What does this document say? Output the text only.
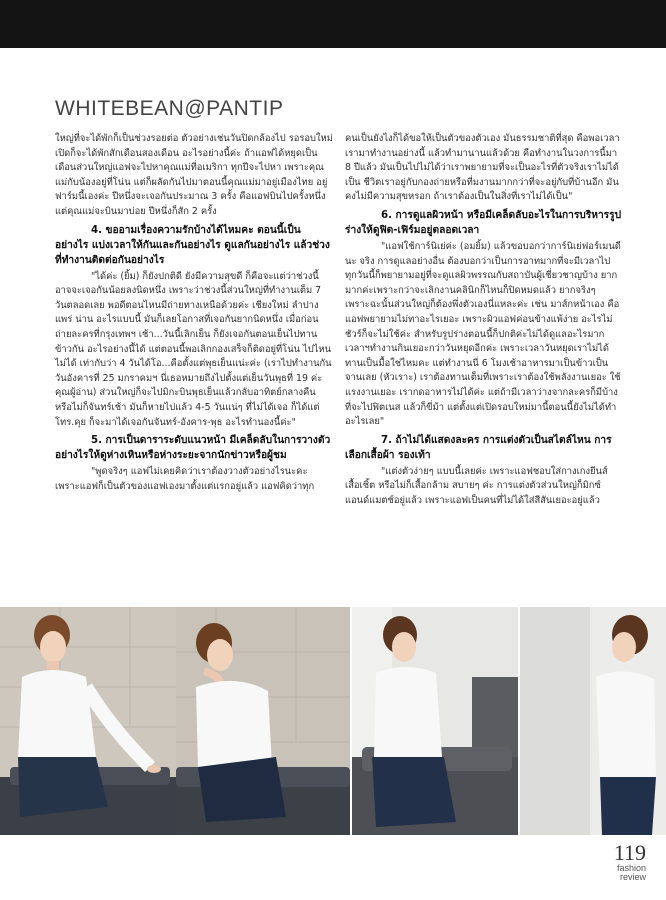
WHITEBEAN@PANTIP

ใหญ่ที่จะได้พักก็เป็นช่วงรอยต่อ ตัวอย่างเช่นวันปิดกล้องไป รอรอบใหม่เปิดก็จะได้พักสักเดือนสองเดือน อะไรอย่างนี้ค่ะ ถ้าแอฟได้หยุดเป็นเดือนส่วนใหญ่แอฟจะไปหาคุณแม่ที่อเมริกา ทุกปีจะไปหา เพราะคุณแม่กับน้องอยู่ที่โน่น แต่ก็ผลัดกันไปมาตอนนี้คุณแม่มาอยู่เมืองไทย อยู่ฟาร์มนี้เองค่ะ ปีหนึ่งจะเจอกันประมาณ 3 ครั้ง คือแอฟบินไปครั้งหนึ่ง แต่คุณแม่จะบินมาบ่อย ปีหนึ่งก็สัก 2 ครั้ง

4. ขออามเรื่องความรักบ้างได้ไหมคะ ตอนนี้เป็นอย่างไร แบ่งเวลาให้กันและกันอย่างไร ดูแลกันอย่างไร แล้วช่วงที่ทำงานติดต่อกันอย่างไร

"ได้ค่ะ (ยิ้ม) ก็ยังปกติดี ยังมีความสุขดี ก็คือจะแต่ว่าช่วงนี้อาจจะเจอกันน้อยลงนิดหนึ่ง เพราะว่าช่วงนี้ส่วนใหญ่ที่ทำงานเต็ม 7 วันตลอดเลย พอดีตอนไหนมีถ่ายทางเหนือด้วยค่ะ เชียงใหม่ ลำปาง แพร่ น่าน อะไรแบบนี้ มันก็เลยโอกาสที่เจอกันยากนิดหนึ่ง เมื่อก่อนถ่ายละครที่กรุงเทพฯ เช้า...วันนี้เลิกเย็น ก็ยังเจอกันตอนเย็นไปทานข้าวกัน อะไรอย่างนี้ได้ แต่ตอนนี้พอเลิกกองเสร็จก็ติดอยู่ที่โน่น ไปไหนไม่ได้ เท่ากับว่า 4 วันได้โอ...คือตั้งแต่พุธเย็นแน่ะค่ะ (เราไปทำงานกันวันอังคารที่ 25 มกราคมฯ นี่เธอหมายถึงไปตั้งแต่เย็นวันพุธที่ 19 ค่ะคุณผู้อ่าน) ส่วนใหญ่ก็จะไปมิกะบินพุธเย็นแล้วกลับอาทิตย์กลางคืน หรือไม่ก็จันทร์เช้า มันก็หายไปแล้ว 4-5 วันแน่ๆ ที่ไม่ได้เจอ ก็ได้แต่โทร.คุย ก็จะมาได้เจอกันจันทร์-อังคาร-พุธ อะไรทำนองนี้ค่ะ"

5. การเป็นดาราระดับแนวหน้า มีเคล็ดลับในการวางตัวอย่างไรให้ดูห่างเหินหรือห่างระยะจากนักข่าวหรือผู้ชม

"พูดจริงๆ แอฟไม่เคยคิดว่าเราต้องวางตัวอย่างไรนะคะ เพราะแอฟก็เป็นตัวของแอฟเองมาตั้งแต่แรกอยู่แล้ว แอฟคิดว่าทุก

คนเป็นยังไงก็ได้ขอให้เป็นตัวของตัวเอง มันธรรมชาติที่สุด คือพอเวลาเรามาทำงานอย่างนี้ แล้วทำมานานแล้วด้วย คือทำงานในวงการนี้มา 8 ปีแล้ว มันเป็นไปไม่ได้ว่าเราพยายามที่จะเป็นอะไรที่ตัวจริงเราไม่ได้เป็น ชีวิตเราอยู่กับกองถ่ายหรือที่มงานมากกว่าที่จะอยู่กับที่บ้านอีก มันคงไม่มีความสุขหรอก ถ้าเราต้องเป็นในสิ่งที่เราไม่ได้เป็น"

6. การดูแลผิวหน้า หรือมีเคล็ดลับอะไรในการบริหารรูปร่างให้ดูฟิต-เฟิร์มอยู่ตลอดเวลา

"แอฟใช้การ์นิเย่ค่ะ (อมยิ้ม) แล้วขอบอกว่าการ์นิเย่ฟอร์เมนดีนะ จริง การดูแลอย่างอื่น ต้องบอกว่าเป็นการอาทมากที่จะมีเวลาไป ทุกวันนี้ก็พยายามอยู่ที่จะดูแลผิวพรรณกับสถาบันผู้เชี่ยวชาญบ้าง ยากมากค่ะเพราะกว่าจะเลิกงานคลินิกก็ไหนก็ปิดหมดแล้ว ยากจริงๆ เพราะฉะนั้นส่วนใหญ่ก็ต้องพึ่งตัวเองนี่แหละค่ะ เช่น มาส์กหน้าเอง คือแอฟพยายามไม่ทาอะไรเยอะ เพราะผิวแอฟค่อนข้างแพ้ง่าย อะไรไม่ชัวร์ก็จะไม่ใช้ค่ะ สำหรับรูปร่างตอนนี้ก็ปกติค่ะไม่ได้ดูแลอะไรมาก เวลาฯทำงานกินเยอะกว่าวันหยุดอีกค่ะ เพราะเวลาวันหยุดเราไม่ได้ทานเป็นมื้อใช่ไหมคะ แต่ทำงานนี่ 6 โมงเช้าอาหารมาเป็นข้าวเป็นจานเลย (หัวเราะ) เราต้องทานเต็มที่เพราะเราต้องใช้พลังงานเยอะ ใช้แรงงานเยอะ เรากดอาหารไม่ได้ค่ะ แต่ถ้ามีเวลาว่างจากละครก็มีบ้างที่จะไปฟิตเนส แล้วก็ขี่ม้า แต่ตั้งแต่เปิดรอบใหม่มานี้ตอนนี้ยังไม่ได้ทำอะไรเลย"

7. ถ้าไม่ได้แสดงละคร การแต่งตัวเป็นสไตล์ไหน การเลือกเสื้อผ้า รองเท้า

"แต่งตัวง่ายๆ แบบนี้เลยค่ะ เพราะแอฟชอบใส่กางเกงยีนส์ เสื้อเชิ้ต หรือไม่ก็เสื้อกล้าม สบายๆ ค่ะ การแต่งตัวส่วนใหญ่ก็มิกซ์แอนด์แมตช์อยู่แล้ว เพราะแอฟเป็นคนที่ไม่ได้ใส่สีสันเยอะอยู่แล้ว

119
fashion
review
